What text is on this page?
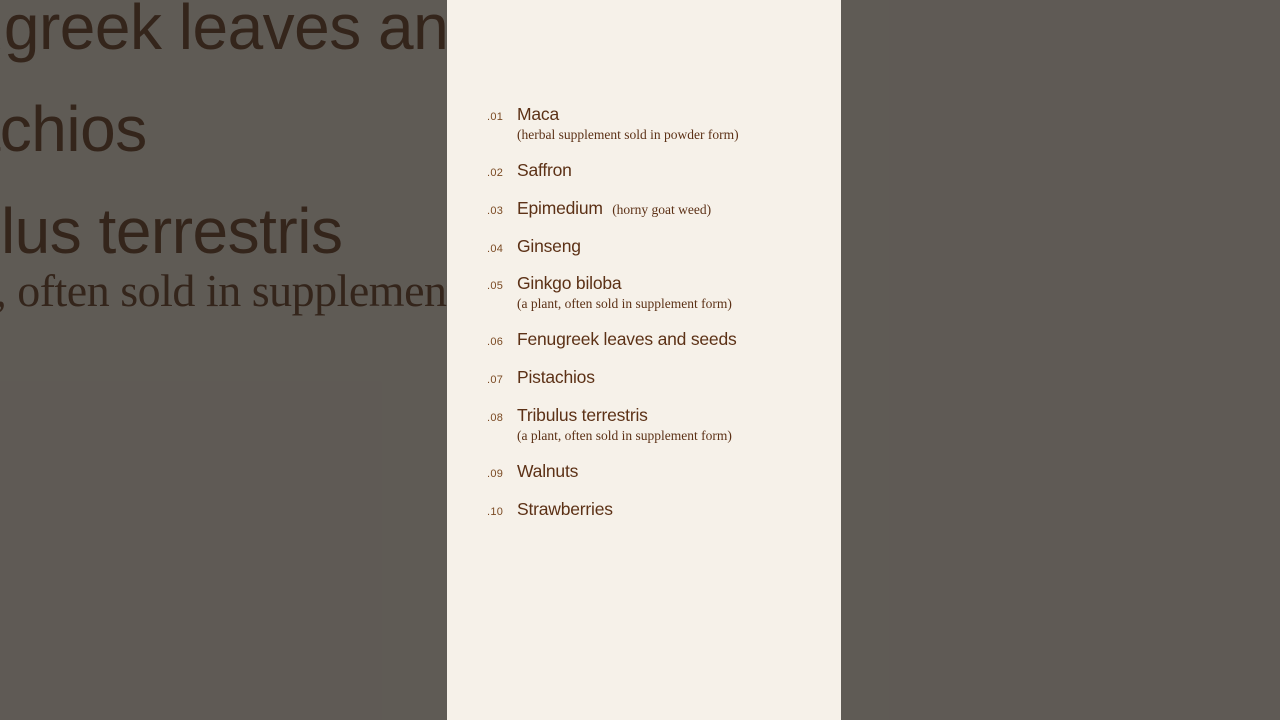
.01 Maca
(herbal supplement sold in powder form)
.02 Saffron
.03 Epimedium (horny goat weed)
.04 Ginseng
.05 Ginkgo biloba
(a plant, often sold in supplement form)
.06 Fenugreek leaves and seeds
.07 Pistachios
.08 Tribulus terrestris
(a plant, often sold in supplement form)
.09 Walnuts
.10 Strawberries
